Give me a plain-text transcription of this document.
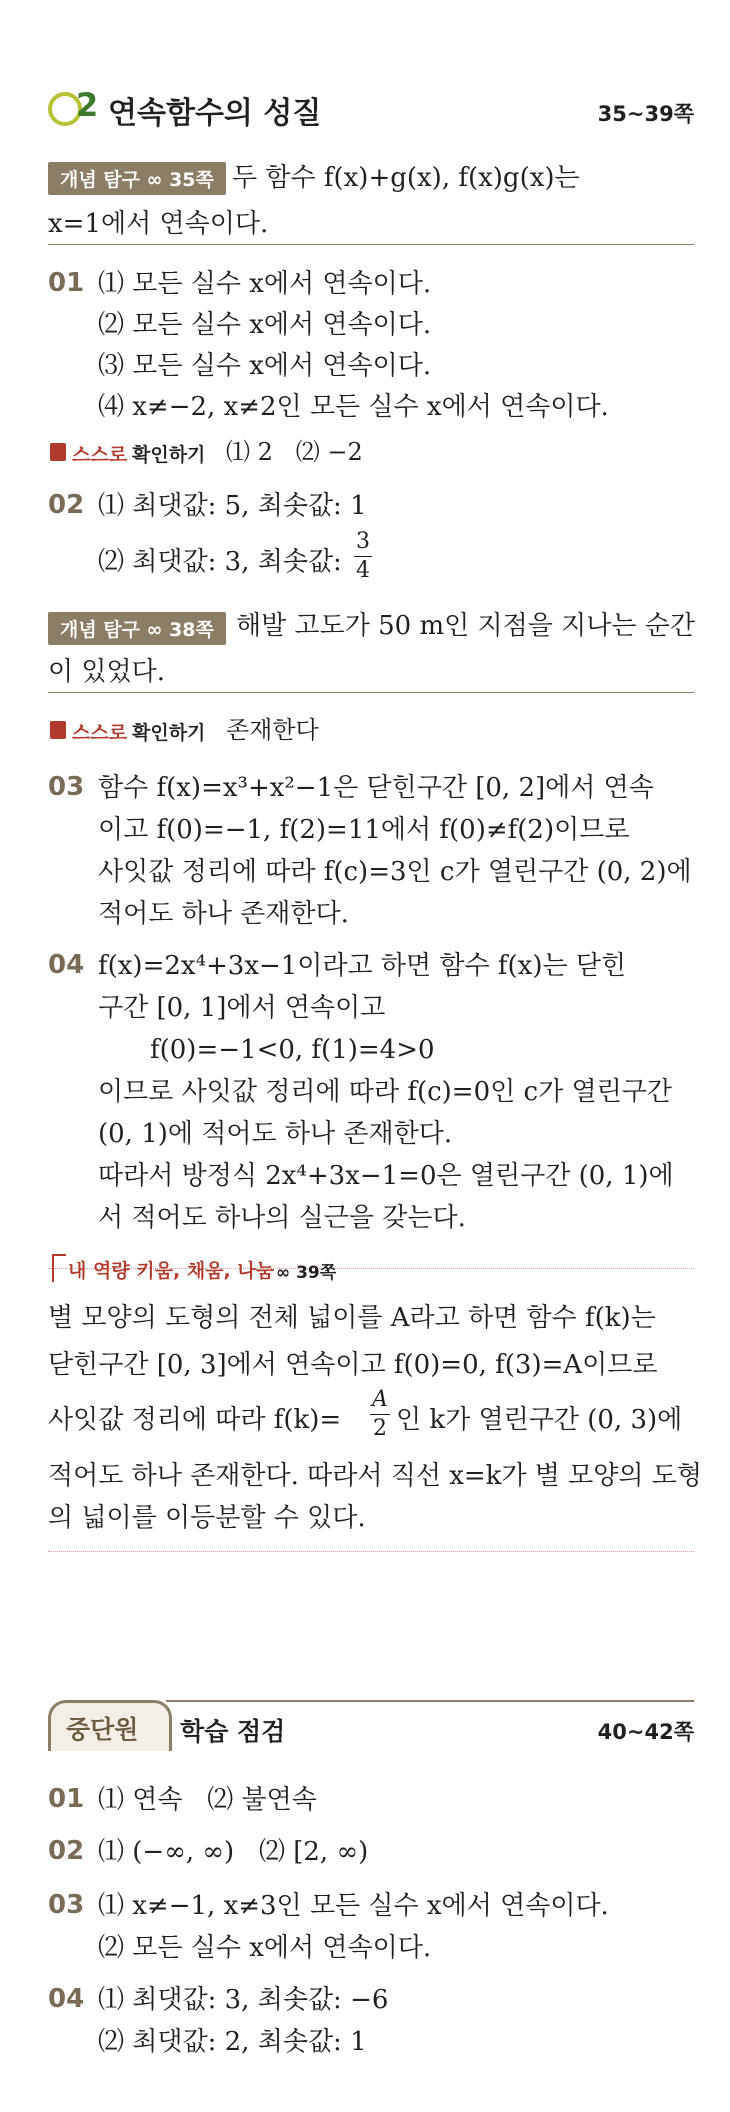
2 연속함수의 성질	35~39쪽
개념 탐구 ∞ 35쪽 두 함수 f(x)+g(x), f(x)g(x)는
x=1에서 연속이다.
01 ⑴ 모든 실수 x에서 연속이다.
⑵ 모든 실수 x에서 연속이다.
⑶ 모든 실수 x에서 연속이다.
⑷ x≠−2, x≠2인 모든 실수 x에서 연속이다.
스스로 확인하기 ⑴ 2   ⑵ −2
02 ⑴ 최댓값: 5, 최솟값: 1
⑵ 최댓값: 3, 최솟값: $\frac{3}{4}$
개념 탐구 ∞ 38쪽 해발 고도가 50 m인 지점을 지나는 순간
이 있었다.
스스로 확인하기 존재한다
03 함수 f(x)=x³+x²−1은 닫힌구간 [0, 2]에서 연속
이고 f(0)=−1, f(2)=11에서 f(0)≠f(2)이므로
사잇값 정리에 따라 f(c)=3인 c가 열린구간 (0, 2)에
적어도 하나 존재한다.
04 f(x)=2x⁴+3x−1이라고 하면 함수 f(x)는 닫힌
구간 [0, 1]에서 연속이고
f(0)=−1<0, f(1)=4>0
이므로 사잇값 정리에 따라 f(c)=0인 c가 열린구간
(0, 1)에 적어도 하나 존재한다.
따라서 방정식 2x⁴+3x−1=0은 열린구간 (0, 1)에
서 적어도 하나의 실근을 갖는다.
내 역량 키움, 채움, 나눔 ∞ 39쪽
별 모양의 도형의 전체 넓이를 A라고 하면 함수 f(k)는
닫힌구간 [0, 3]에서 연속이고 f(0)=0, f(3)=A이므로
사잇값 정리에 따라 $f(k)= \frac{A}{2}$ 인 k가 열린구간 (0, 3)에
적어도 하나 존재한다. 따라서 직선 x=k가 별 모양의 도형
의 넓이를 이등분할 수 있다.
중단원 학습 점검	40~42쪽
01 ⑴ 연속   ⑵ 불연속
02 ⑴ (−∞, ∞)   ⑵ [2, ∞)
03 ⑴ x≠−1, x≠3인 모든 실수 x에서 연속이다.
⑵ 모든 실수 x에서 연속이다.
04 ⑴ 최댓값: 3, 최솟값: −6
⑵ 최댓값: 2, 최솟값: 1
